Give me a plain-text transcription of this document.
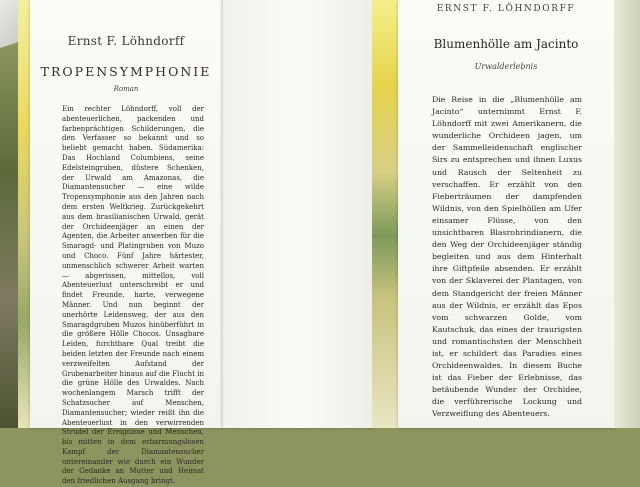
Ernst F. Löhndorff
TROPENSYMPHONIE
Roman

Ein rechter Löhndorff, voll der abenteuerlichen, packenden und farbenprächtigen Schilderungen, die den Verfasser so bekannt und so beliebt gemacht haben. Südamerika: Das Hochland Columbiens, seine Edelsteingruben, düstere Schenken, der Urwald am Amazonas, die Diamantensucher — eine wilde Tropensymphonie aus den Jahren nach dem ersten Weltkrieg. Zurückgekehrt aus dem brasilianischen Urwald, gerät der Orchideenjäger an einen der Agenten, die Arbeiter anwerben für die Smaragd- und Platingruben von Muzo und Choco. Fünf Jahre härtester, unmenschlich schwerer Arbeit warten — abgerissen, mittellos, voll Abenteuerlust unterschreibt er und findet Freunde, harte, verwegene Männer. Und nun beginnt der unerhörte Leidensweg, der aus den Smaragdgruben Muzos hinüberführt in die größere Hölle Chocos. Unsagbare Leiden, furchtbare Qual treibt die beiden letzten der Freunde nach einem verzweifelten Aufstand der Grubenarbeiter hinaus auf die Flucht in die grüne Hölle des Urwaldes. Nach wochenlangem Marsch trifft der Schatzsucher auf Menschen, Diamantensucher; wieder reißt ihn die Abenteuerlust in den verwirrenden Strudel der Ereignisse und Menschen, bis mitten in dem erbarmungslosen Kampf der Diamantensucher untereinander wie durch ein Wunder der Gedanke an Mutter und Heimat den friedlichen Ausgang bringt.

ERNST F. LÖHNDORFF
Blumenhölle am Jacinto
Urwalderlebnis
Die Reise in die „Blumenhölle am Jacinto“ unternimmt Ernst F. Löhndorff mit zwei Amerikanern, die wunderliche Orchideen jagen, um der Sammelleidenschaft englischer Sirs zu entsprechen und ihnen Luxus und Rausch der Seltenheit zu verschaffen. Er erzählt von den Fieberträumen der dampfenden Wildnis, von den Spielhöllen am Ufer einsamer Flüsse, von den unsichtbaren Blasrohrindianern, die den Weg der Orchideenjäger ständig begleiten und aus dem Hinterhalt ihre Giftpfeile absenden. Er erzählt von der Sklaverei der Plantagen, von dem Standgericht der freien Männer aus der Wildnis, er erzählt das Epos vom schwarzen Golde, vom Kautschuk, das eines der traurigsten und romantischsten der Menschheit ist, er schildert das Paradies eines Orchideenwaldes. In diesem Buche ist das Fieber der Erlebnisse, das betäubende Wunder der Orchidee, die verführerische Lockung und Verzweiflung des Abenteuers.
